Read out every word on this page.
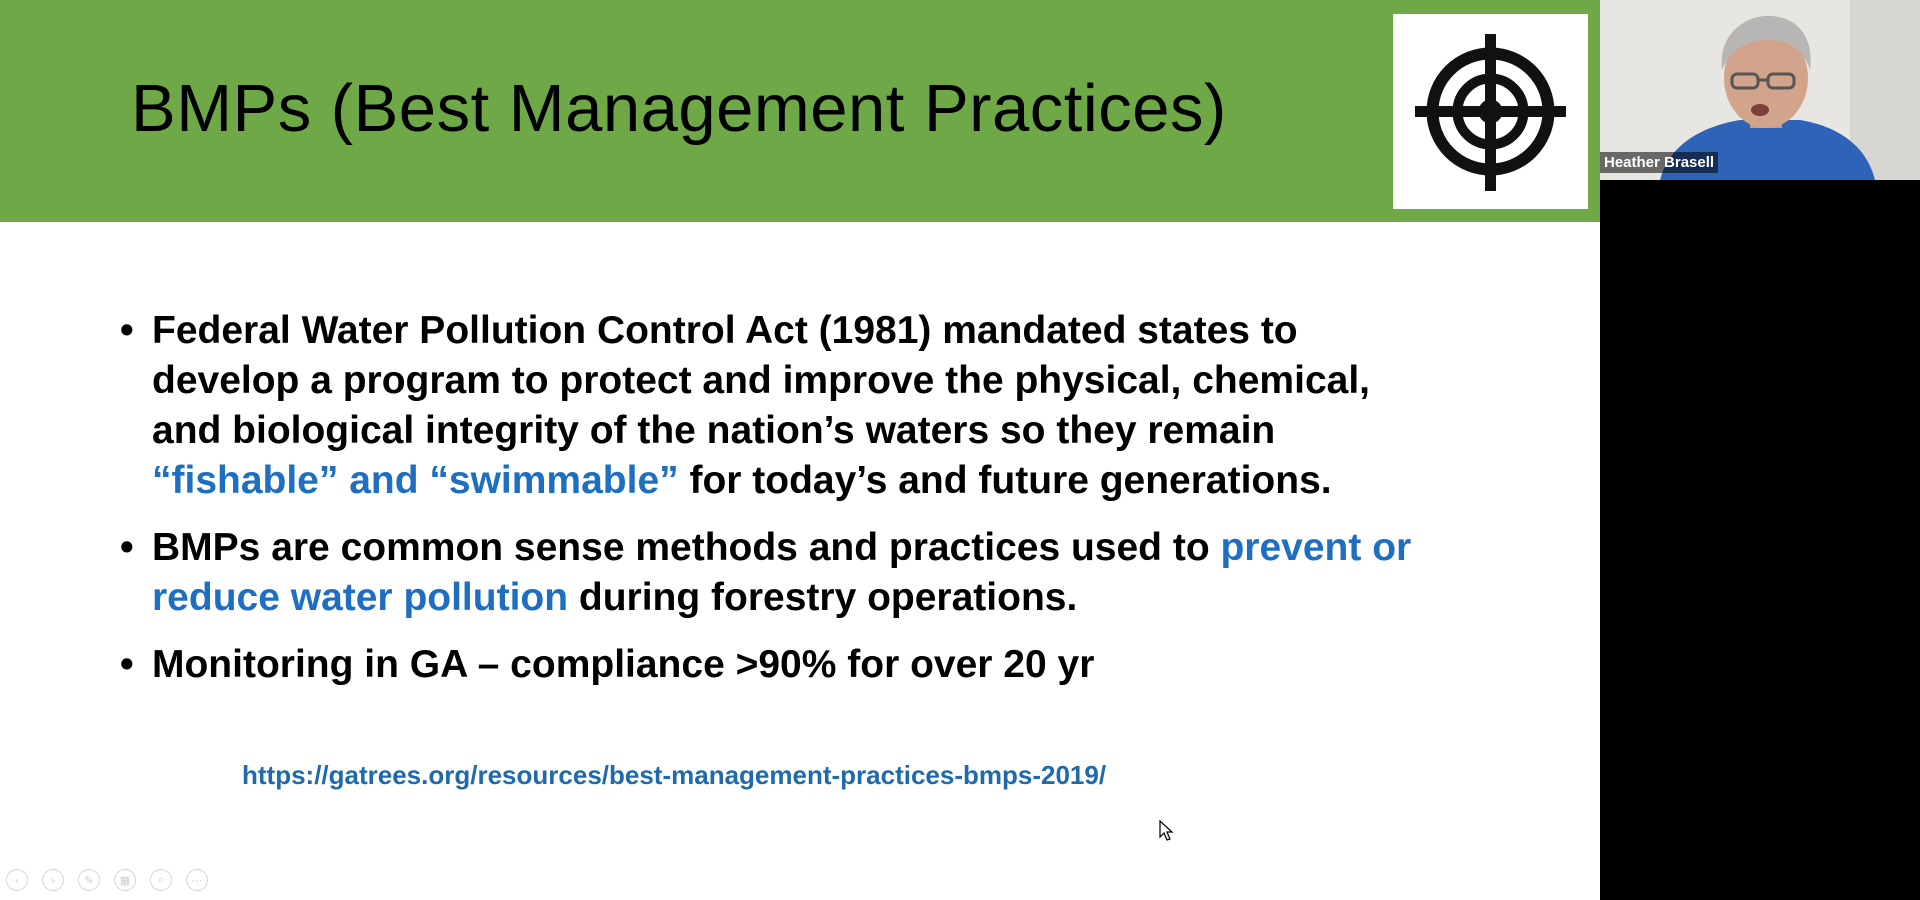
BMPs (Best Management Practices)
• Federal Water Pollution Control Act (1981) mandated states to
develop a program to protect and improve the physical, chemical,
and biological integrity of the nation’s waters so they remain
“fishable” and “swimmable” for today’s and future generations.
• BMPs are common sense methods and practices used to prevent or
reduce water pollution during forestry operations.
• Monitoring in GA – compliance >90% for over 20 yr
https://gatrees.org/resources/best-management-practices-bmps-2019/
‹	›	✎	▦	⌕	⋯
Heather Brasell
